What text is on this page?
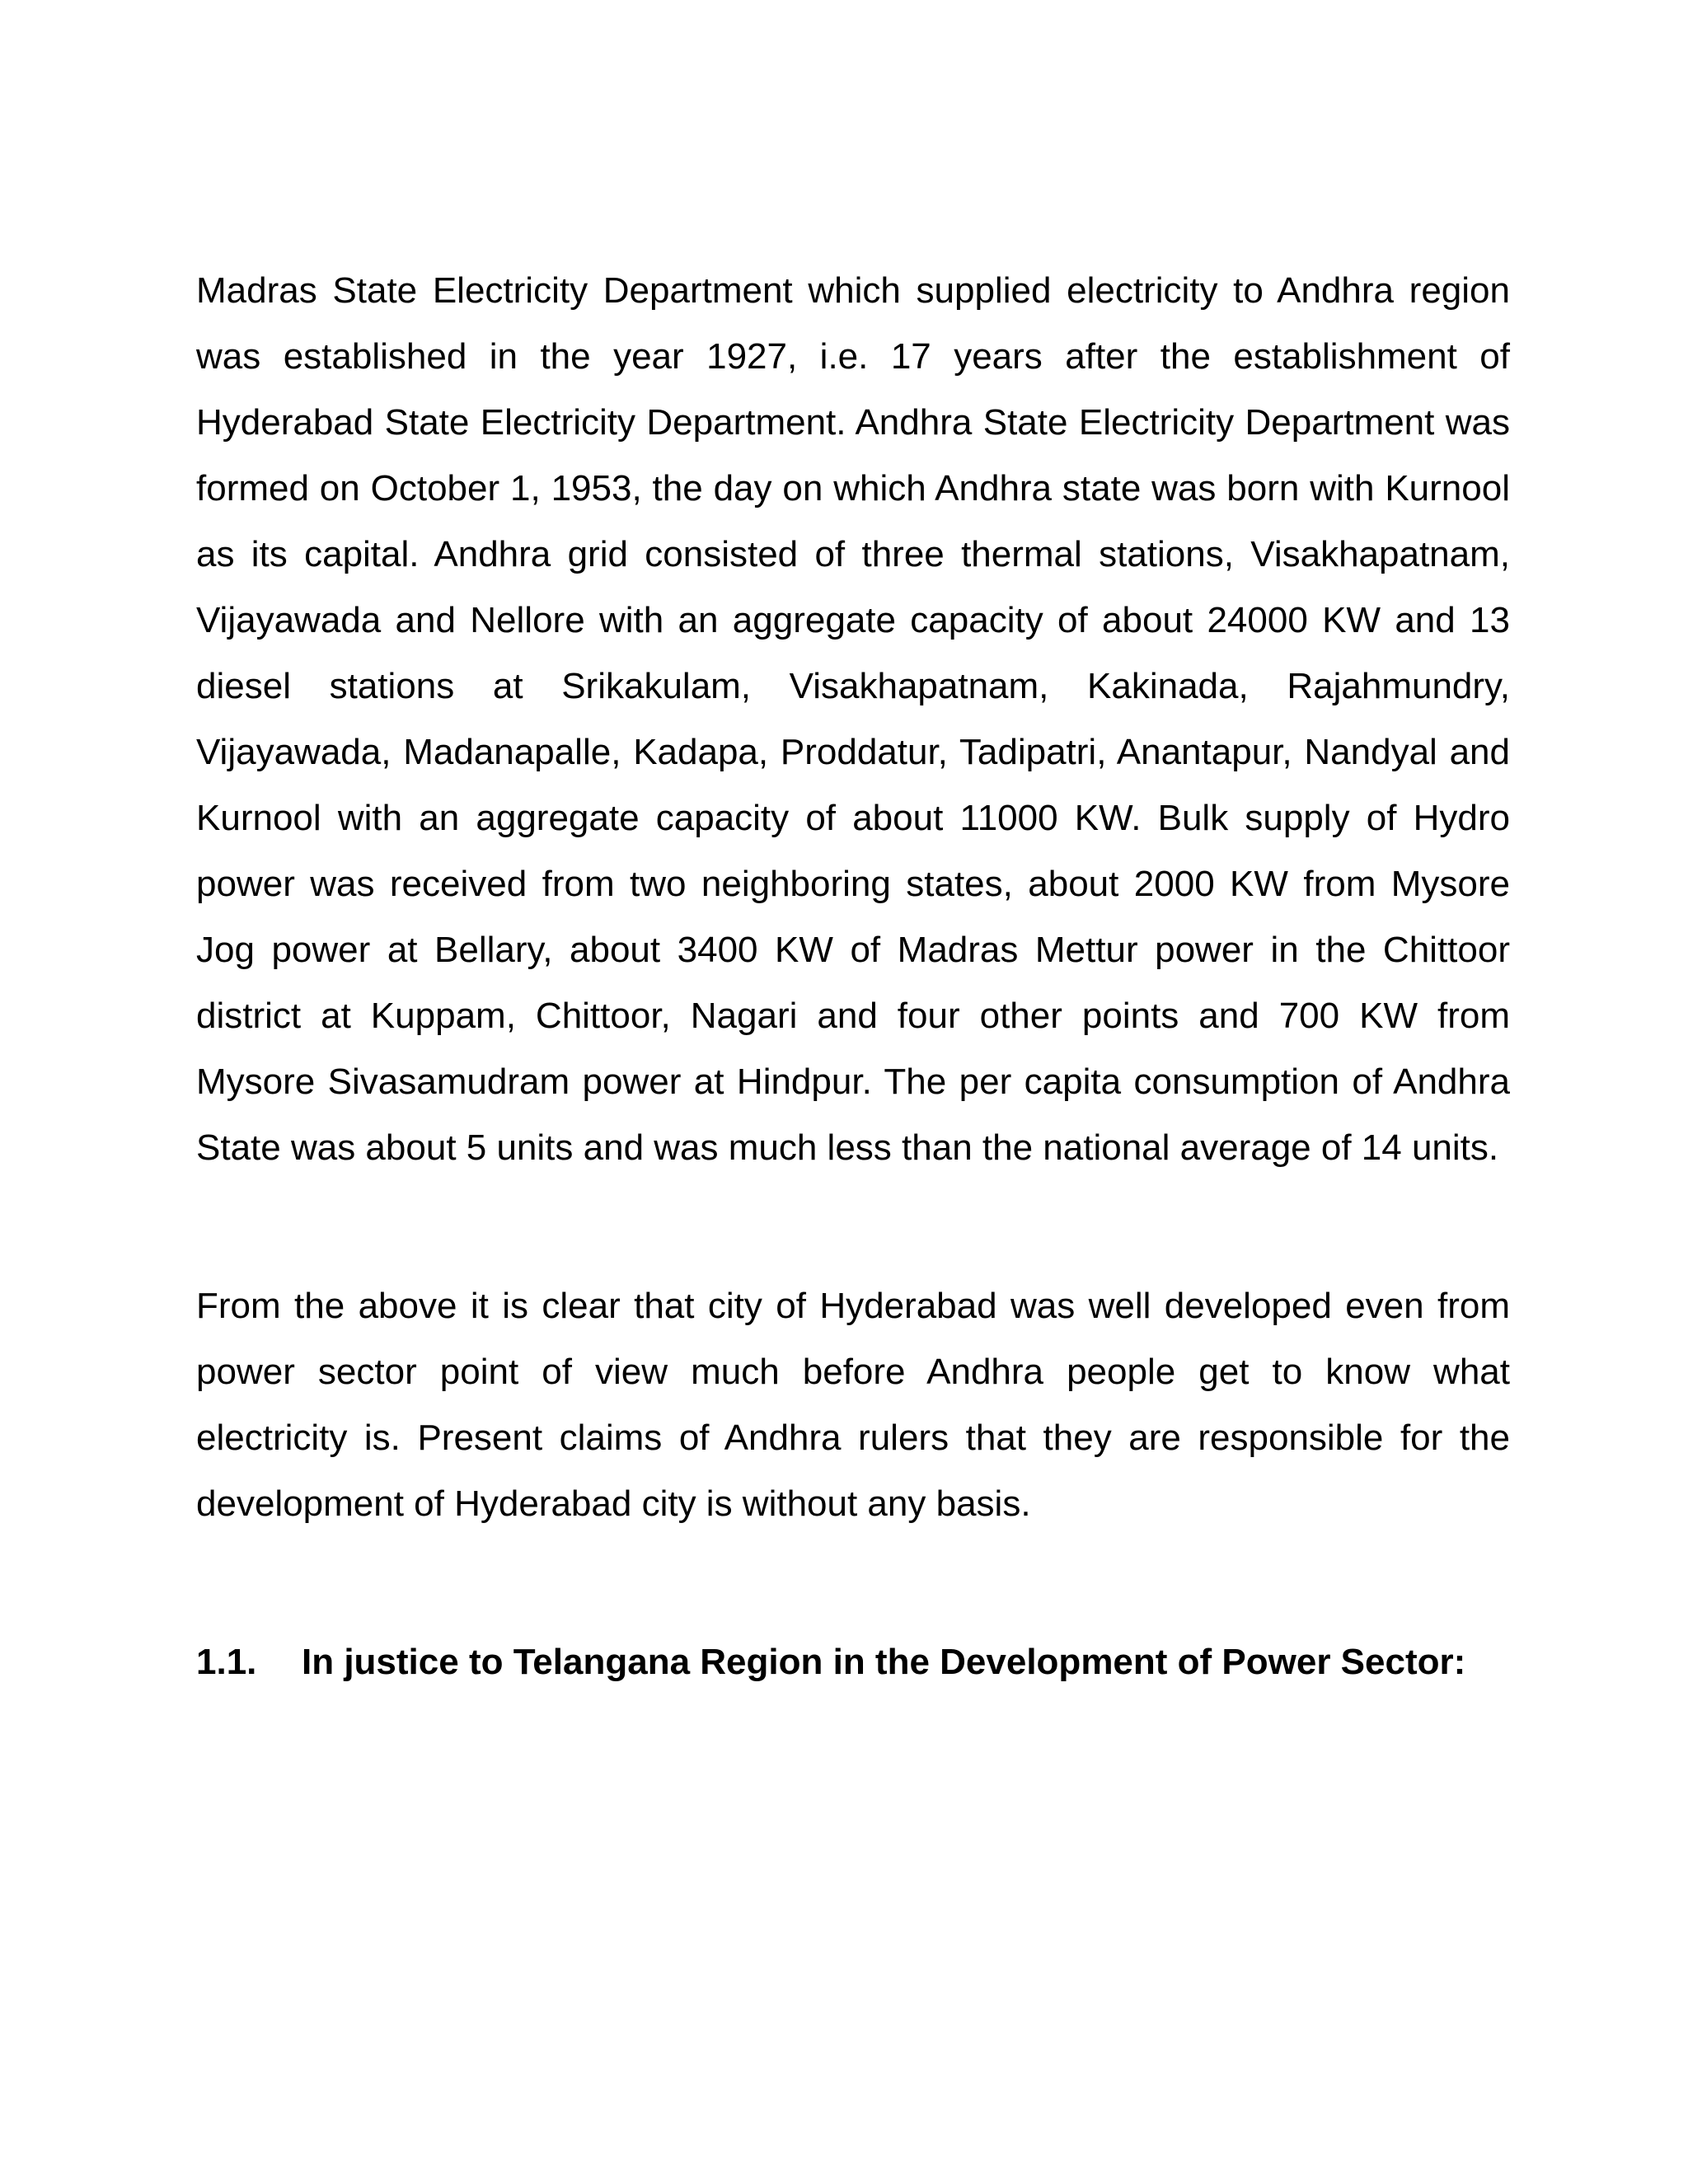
Madras State Electricity Department which supplied electricity to Andhra region was established in the year 1927, i.e. 17 years after the establishment of Hyderabad State Electricity Department. Andhra State Electricity Department was formed on October 1, 1953, the day on which Andhra state was born with Kurnool as its capital. Andhra grid consisted of three thermal stations, Visakhapatnam, Vijayawada and Nellore with an aggregate capacity of about 24000 KW and 13 diesel stations at Srikakulam, Visakhapatnam, Kakinada, Rajahmundry, Vijayawada, Madanapalle, Kadapa, Proddatur, Tadipatri, Anantapur, Nandyal and Kurnool with an aggregate capacity of about 11000 KW. Bulk supply of Hydro power was received from two neighboring states, about 2000 KW from Mysore Jog power at Bellary, about 3400 KW of Madras Mettur power in the Chittoor district at Kuppam, Chittoor, Nagari and four other points and 700 KW from Mysore Sivasamudram power at Hindpur. The per capita consumption of Andhra State was about 5 units and was much less than the national average of 14 units.

From the above it is clear that city of Hyderabad was well developed even from power sector point of view much before Andhra people get to know what electricity is. Present claims of Andhra rulers that they are responsible for the development of Hyderabad city is without any basis.

1.1. In justice to Telangana Region in the Development of Power Sector:
